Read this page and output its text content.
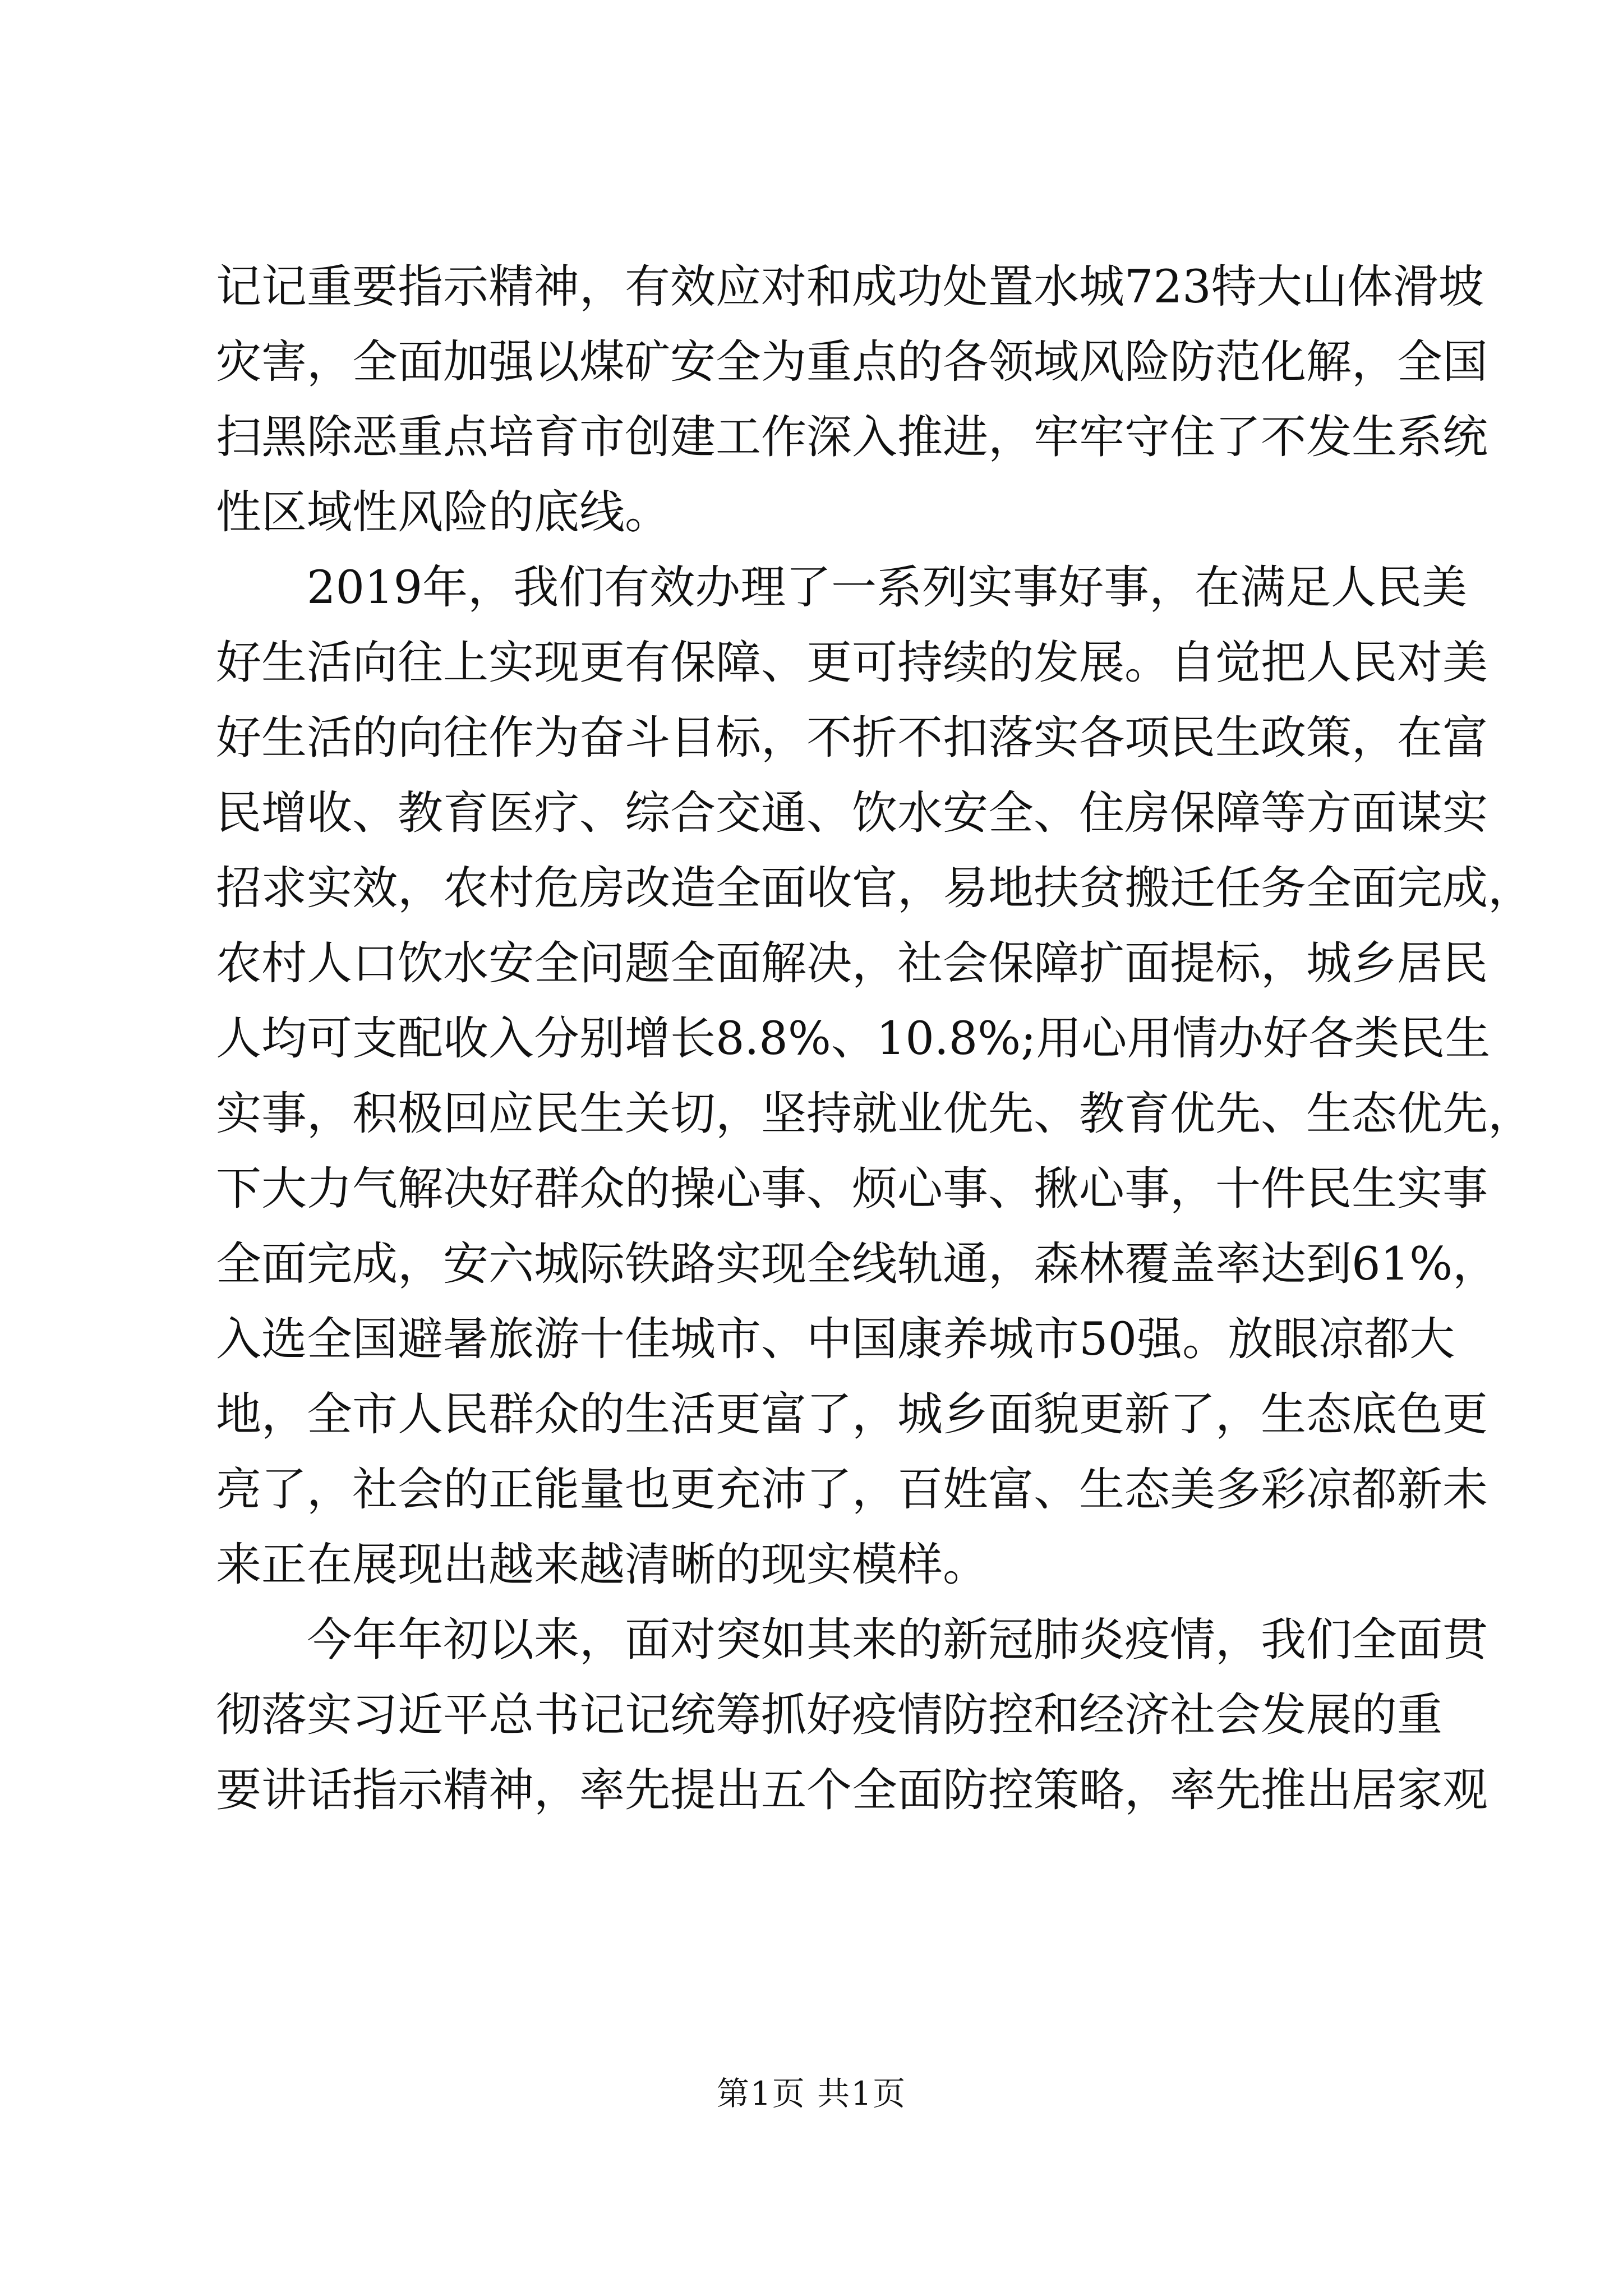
记记重要指示精神，有效应对和成功处置水城723特大山体滑坡
灾害，全面加强以煤矿安全为重点的各领域风险防范化解，全国
扫黑除恶重点培育市创建工作深入推进，牢牢守住了不发生系统
性区域性风险的底线。
2019年，我们有效办理了一系列实事好事，在满足人民美
好生活向往上实现更有保障、更可持续的发展。自觉把人民对美
好生活的向往作为奋斗目标，不折不扣落实各项民生政策，在富
民增收、教育医疗、综合交通、饮水安全、住房保障等方面谋实
招求实效，农村危房改造全面收官，易地扶贫搬迁任务全面完成，
农村人口饮水安全问题全面解决，社会保障扩面提标，城乡居民
人均可支配收入分别增长8.8%、10.8%;用心用情办好各类民生
实事，积极回应民生关切，坚持就业优先、教育优先、生态优先，
下大力气解决好群众的操心事、烦心事、揪心事，十件民生实事
全面完成，安六城际铁路实现全线轨通，森林覆盖率达到61%，
入选全国避暑旅游十佳城市、中国康养城市50强。放眼凉都大
地，全市人民群众的生活更富了，城乡面貌更新了，生态底色更
亮了，社会的正能量也更充沛了，百姓富、生态美多彩凉都新未
来正在展现出越来越清晰的现实模样。
今年年初以来，面对突如其来的新冠肺炎疫情，我们全面贯
彻落实习近平总书记记统筹抓好疫情防控和经济社会发展的重
要讲话指示精神，率先提出五个全面防控策略，率先推出居家观
第1页 共1页
